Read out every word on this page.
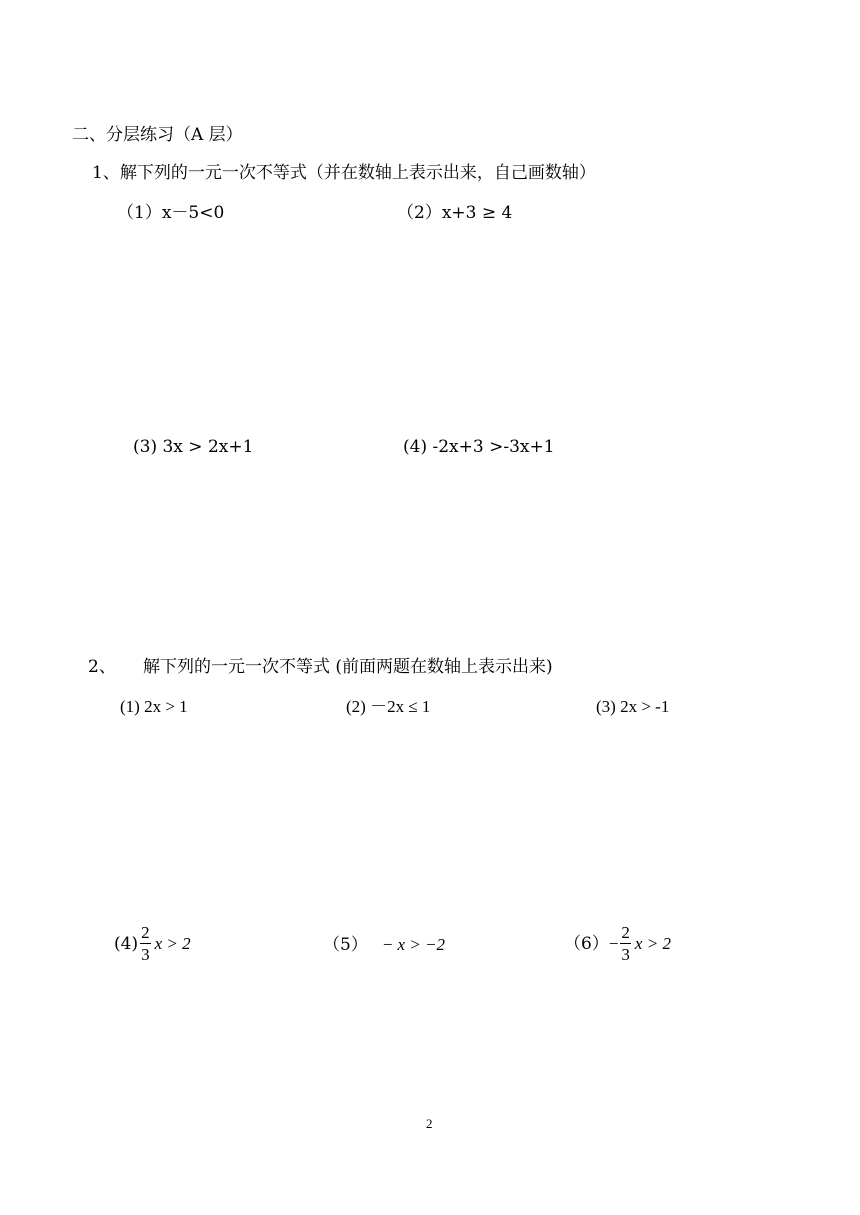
二、分层练习（A 层）
1、解下列的一元一次不等式（并在数轴上表示出来，自己画数轴）
（1）x－5<0	（2）x+3 ≥ 4
(3) 3x > 2x+1	(4) -2x+3 >-3x+1
2、 解下列的一元一次不等式 (前面两题在数轴上表示出来)
(1) 2x > 1	(2) －2x ≤ 1	(3) 2x > -1
$(4) \frac{2}{3}$ x > 2	（5） − x > −2	$(6) - \frac{2}{3}$ x > 2
2
